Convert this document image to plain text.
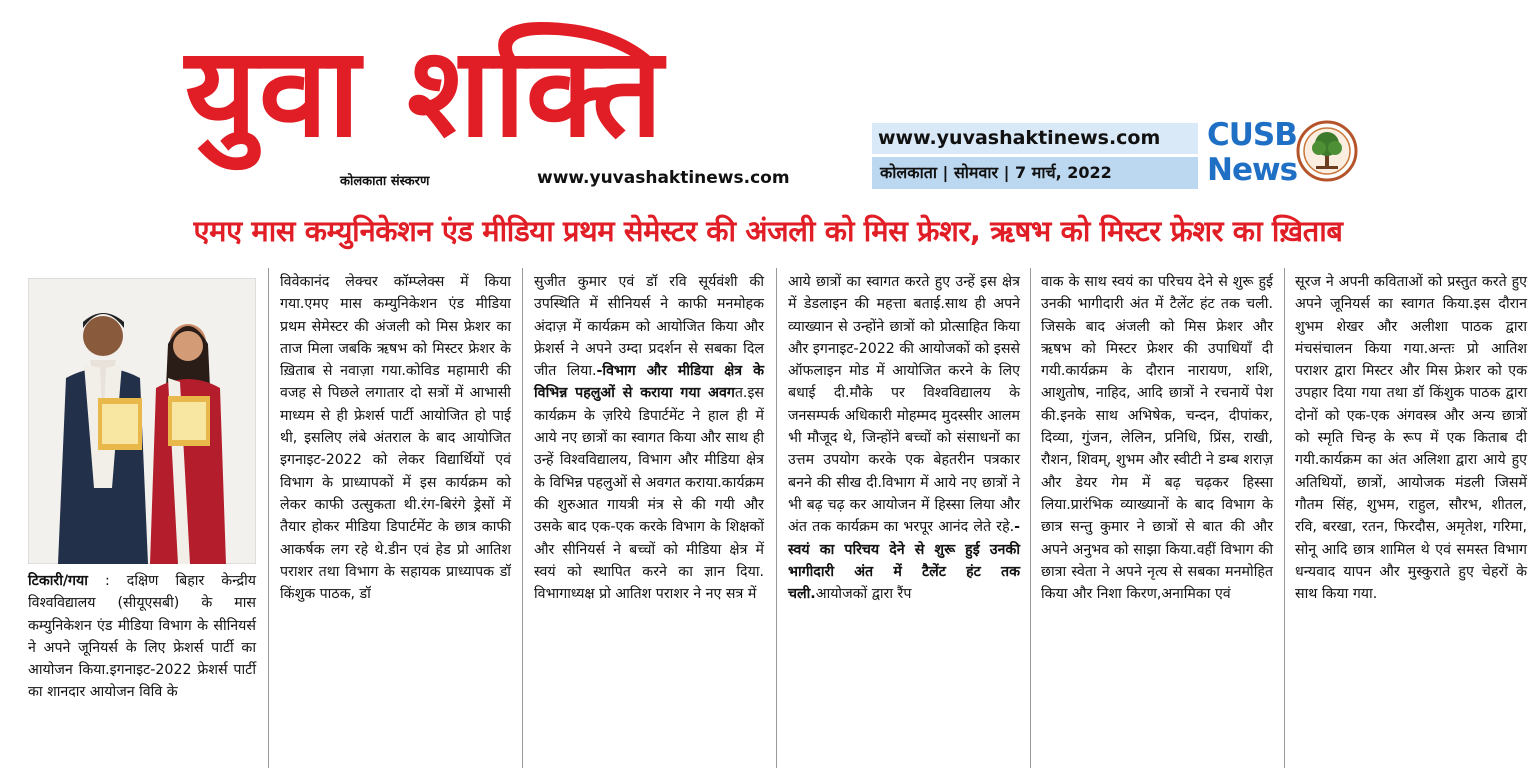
युवा शक्ति
कोलकाता संस्करण	www.yuvashaktinews.com
www.yuvashaktinews.com
कोलकाता | सोमवार | 7 मार्च, 2022
CUSB
News
एमए मास कम्युनिकेशन एंड मीडिया प्रथम सेमेस्टर की अंजली को मिस फ्रेशर, ऋषभ को मिस्टर फ्रेशर का ख़िताब
टिकारी/गया : दक्षिण बिहार केन्द्रीय विश्वविद्यालय (सीयूएसबी) के मास कम्युनिकेशन एंड मीडिया विभाग के सीनियर्स ने अपने जूनियर्स के लिए फ्रेशर्स पार्टी का आयोजन किया.इगनाइट-2022 फ्रेशर्स पार्टी का शानदार आयोजन विवि के
विवेकानंद लेक्चर कॉम्प्लेक्स में किया गया.एमए मास कम्युनिकेशन एंड मीडिया प्रथम सेमेस्टर की अंजली को मिस फ्रेशर का ताज मिला जबकि ऋषभ को मिस्टर फ्रेशर के ख़िताब से नवाज़ा गया.कोविड महामारी की वजह से पिछले लगातार दो सत्रों में आभासी माध्यम से ही फ्रेशर्स पार्टी आयोजित हो पाई थी, इसलिए लंबे अंतराल के बाद आयोजित इगनाइट-2022 को लेकर विद्यार्थियों एवं विभाग के प्राध्यापकों में इस कार्यक्रम को लेकर काफी उत्सुकता थी.रंग-बिरंगे ड्रेसों में तैयार होकर मीडिया डिपार्टमेंट के छात्र काफी आकर्षक लग रहे थे.डीन एवं हेड प्रो आतिश पराशर तथा विभाग के सहायक प्राध्यापक डॉ किंशुक पाठक, डॉ
सुजीत कुमार एवं डॉ रवि सूर्यवंशी की उपस्थिति में सीनियर्स ने काफी मनमोहक अंदाज़ में कार्यक्रम को आयोजित किया और फ्रेशर्स ने अपने उम्दा प्रदर्शन से सबका दिल जीत लिया.-विभाग और मीडिया क्षेत्र के विभिन्न पहलुओं से कराया गया अवगत.इस कार्यक्रम के ज़रिये डिपार्टमेंट ने हाल ही में आये नए छात्रों का स्वागत किया और साथ ही उन्हें विश्वविद्यालय, विभाग और मीडिया क्षेत्र के विभिन्न पहलुओं से अवगत कराया.कार्यक्रम की शुरुआत गायत्री मंत्र से की गयी और उसके बाद एक-एक करके विभाग के शिक्षकों और सीनियर्स ने बच्चों को मीडिया क्षेत्र में स्वयं को स्थापित करने का ज्ञान दिया. विभागाध्यक्ष प्रो आतिश पराशर ने नए सत्र में
आये छात्रों का स्वागत करते हुए उन्हें इस क्षेत्र में डेडलाइन की महत्ता बताई.साथ ही अपने व्याख्यान से उन्होंने छात्रों को प्रोत्साहित किया और इगनाइट-2022 की आयोजकों को इससे ऑफलाइन मोड में आयोजित करने के लिए बधाई दी.मौके पर विश्वविद्यालय के जनसम्पर्क अधिकारी मोहम्मद मुदस्सीर आलम भी मौजूद थे, जिन्होंने बच्चों को संसाधनों का उत्तम उपयोग करके एक बेहतरीन पत्रकार बनने की सीख दी.विभाग में आये नए छात्रों ने भी बढ़ चढ़ कर आयोजन में हिस्सा लिया और अंत तक कार्यक्रम का भरपूर आनंद लेते रहे.-स्वयं का परिचय देने से शुरू हुई उनकी भागीदारी अंत में टैलेंट हंट तक चली.आयोजकों द्वारा रैंप
वाक के साथ स्वयं का परिचय देने से शुरू हुई उनकी भागीदारी अंत में टैलेंट हंट तक चली. जिसके बाद अंजली को मिस फ्रेशर और ऋषभ को मिस्टर फ्रेशर की उपाधियाँ दी गयी.कार्यक्रम के दौरान नारायण, शशि, आशुतोष, नाहिद, आदि छात्रों ने रचनायें पेश की.इनके साथ अभिषेक, चन्दन, दीपांकर, दिव्या, गुंजन, लेलिन, प्रनिधि, प्रिंस, राखी, रौशन, शिवम्, शुभम और स्वीटी ने डम्ब शराज़ और डेयर गेम में बढ़ चढ़कर हिस्सा लिया.प्रारंभिक व्याख्यानों के बाद विभाग के छात्र सन्तु कुमार ने छात्रों से बात की और अपने अनुभव को साझा किया.वहीं विभाग की छात्रा स्वेता ने अपने नृत्य से सबका मनमोहित किया और निशा किरण,अनामिका एवं
सूरज ने अपनी कविताओं को प्रस्तुत करते हुए अपने जूनियर्स का स्वागत किया.इस दौरान शुभम शेखर और अलीशा पाठक द्वारा मंचसंचालन किया गया.अन्तः प्रो आतिश पराशर द्वारा मिस्टर और मिस फ्रेशर को एक उपहार दिया गया तथा डॉ किंशुक पाठक द्वारा दोनों को एक-एक अंगवस्त्र और अन्य छात्रों को स्मृति चिन्ह के रूप में एक किताब दी गयी.कार्यक्रम का अंत अलिशा द्वारा आये हुए अतिथियों, छात्रों, आयोजक मंडली जिसमें गौतम सिंह, शुभम, राहुल, सौरभ, शीतल, रवि, बरखा, रतन, फिरदौस, अमृतेश, गरिमा, सोनू आदि छात्र शामिल थे एवं समस्त विभाग धन्यवाद यापन और मुस्कुराते हुए चेहरों के साथ किया गया.
